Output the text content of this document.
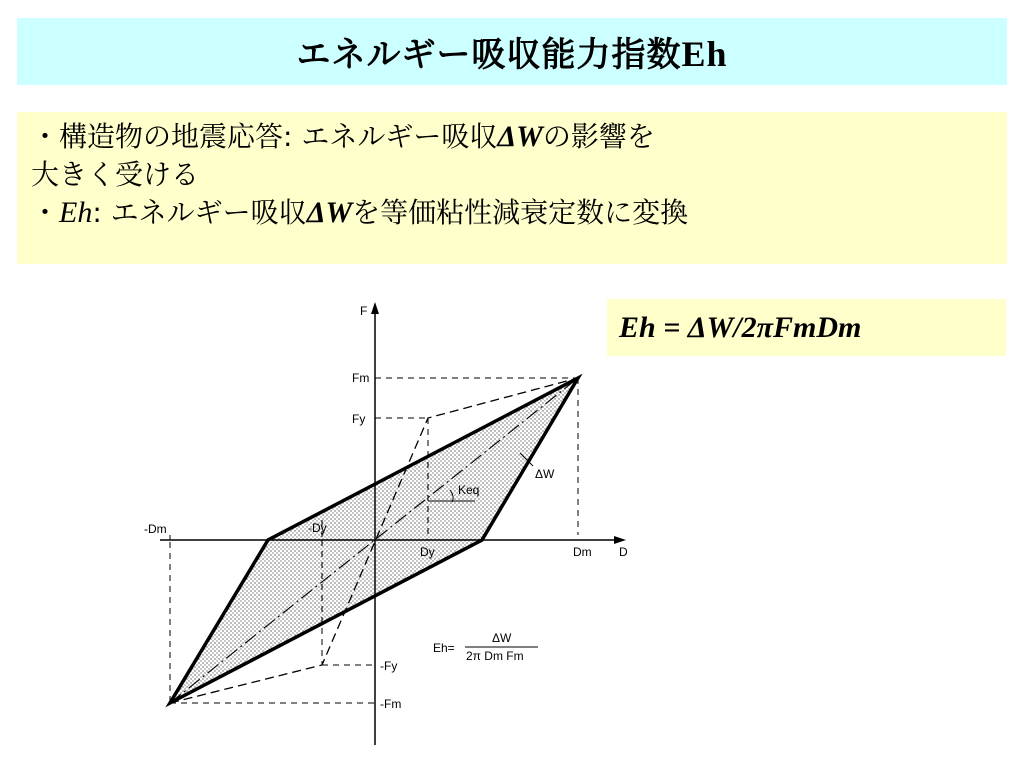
エネルギー吸収能力指数Eh
・構造物の地震応答: エネルギー吸収ΔWの影響を
大きく受ける
・Eh: エネルギー吸収ΔWを等価粘性減衰定数に変換
Eh = ΔW/2πFmDm
F
D
Fm
Fy
-Fy
-Fm
-Dm	-Dy
Dy	Dm
Keq
ΔW
Eh=
ΔW
2π Dm Fm
